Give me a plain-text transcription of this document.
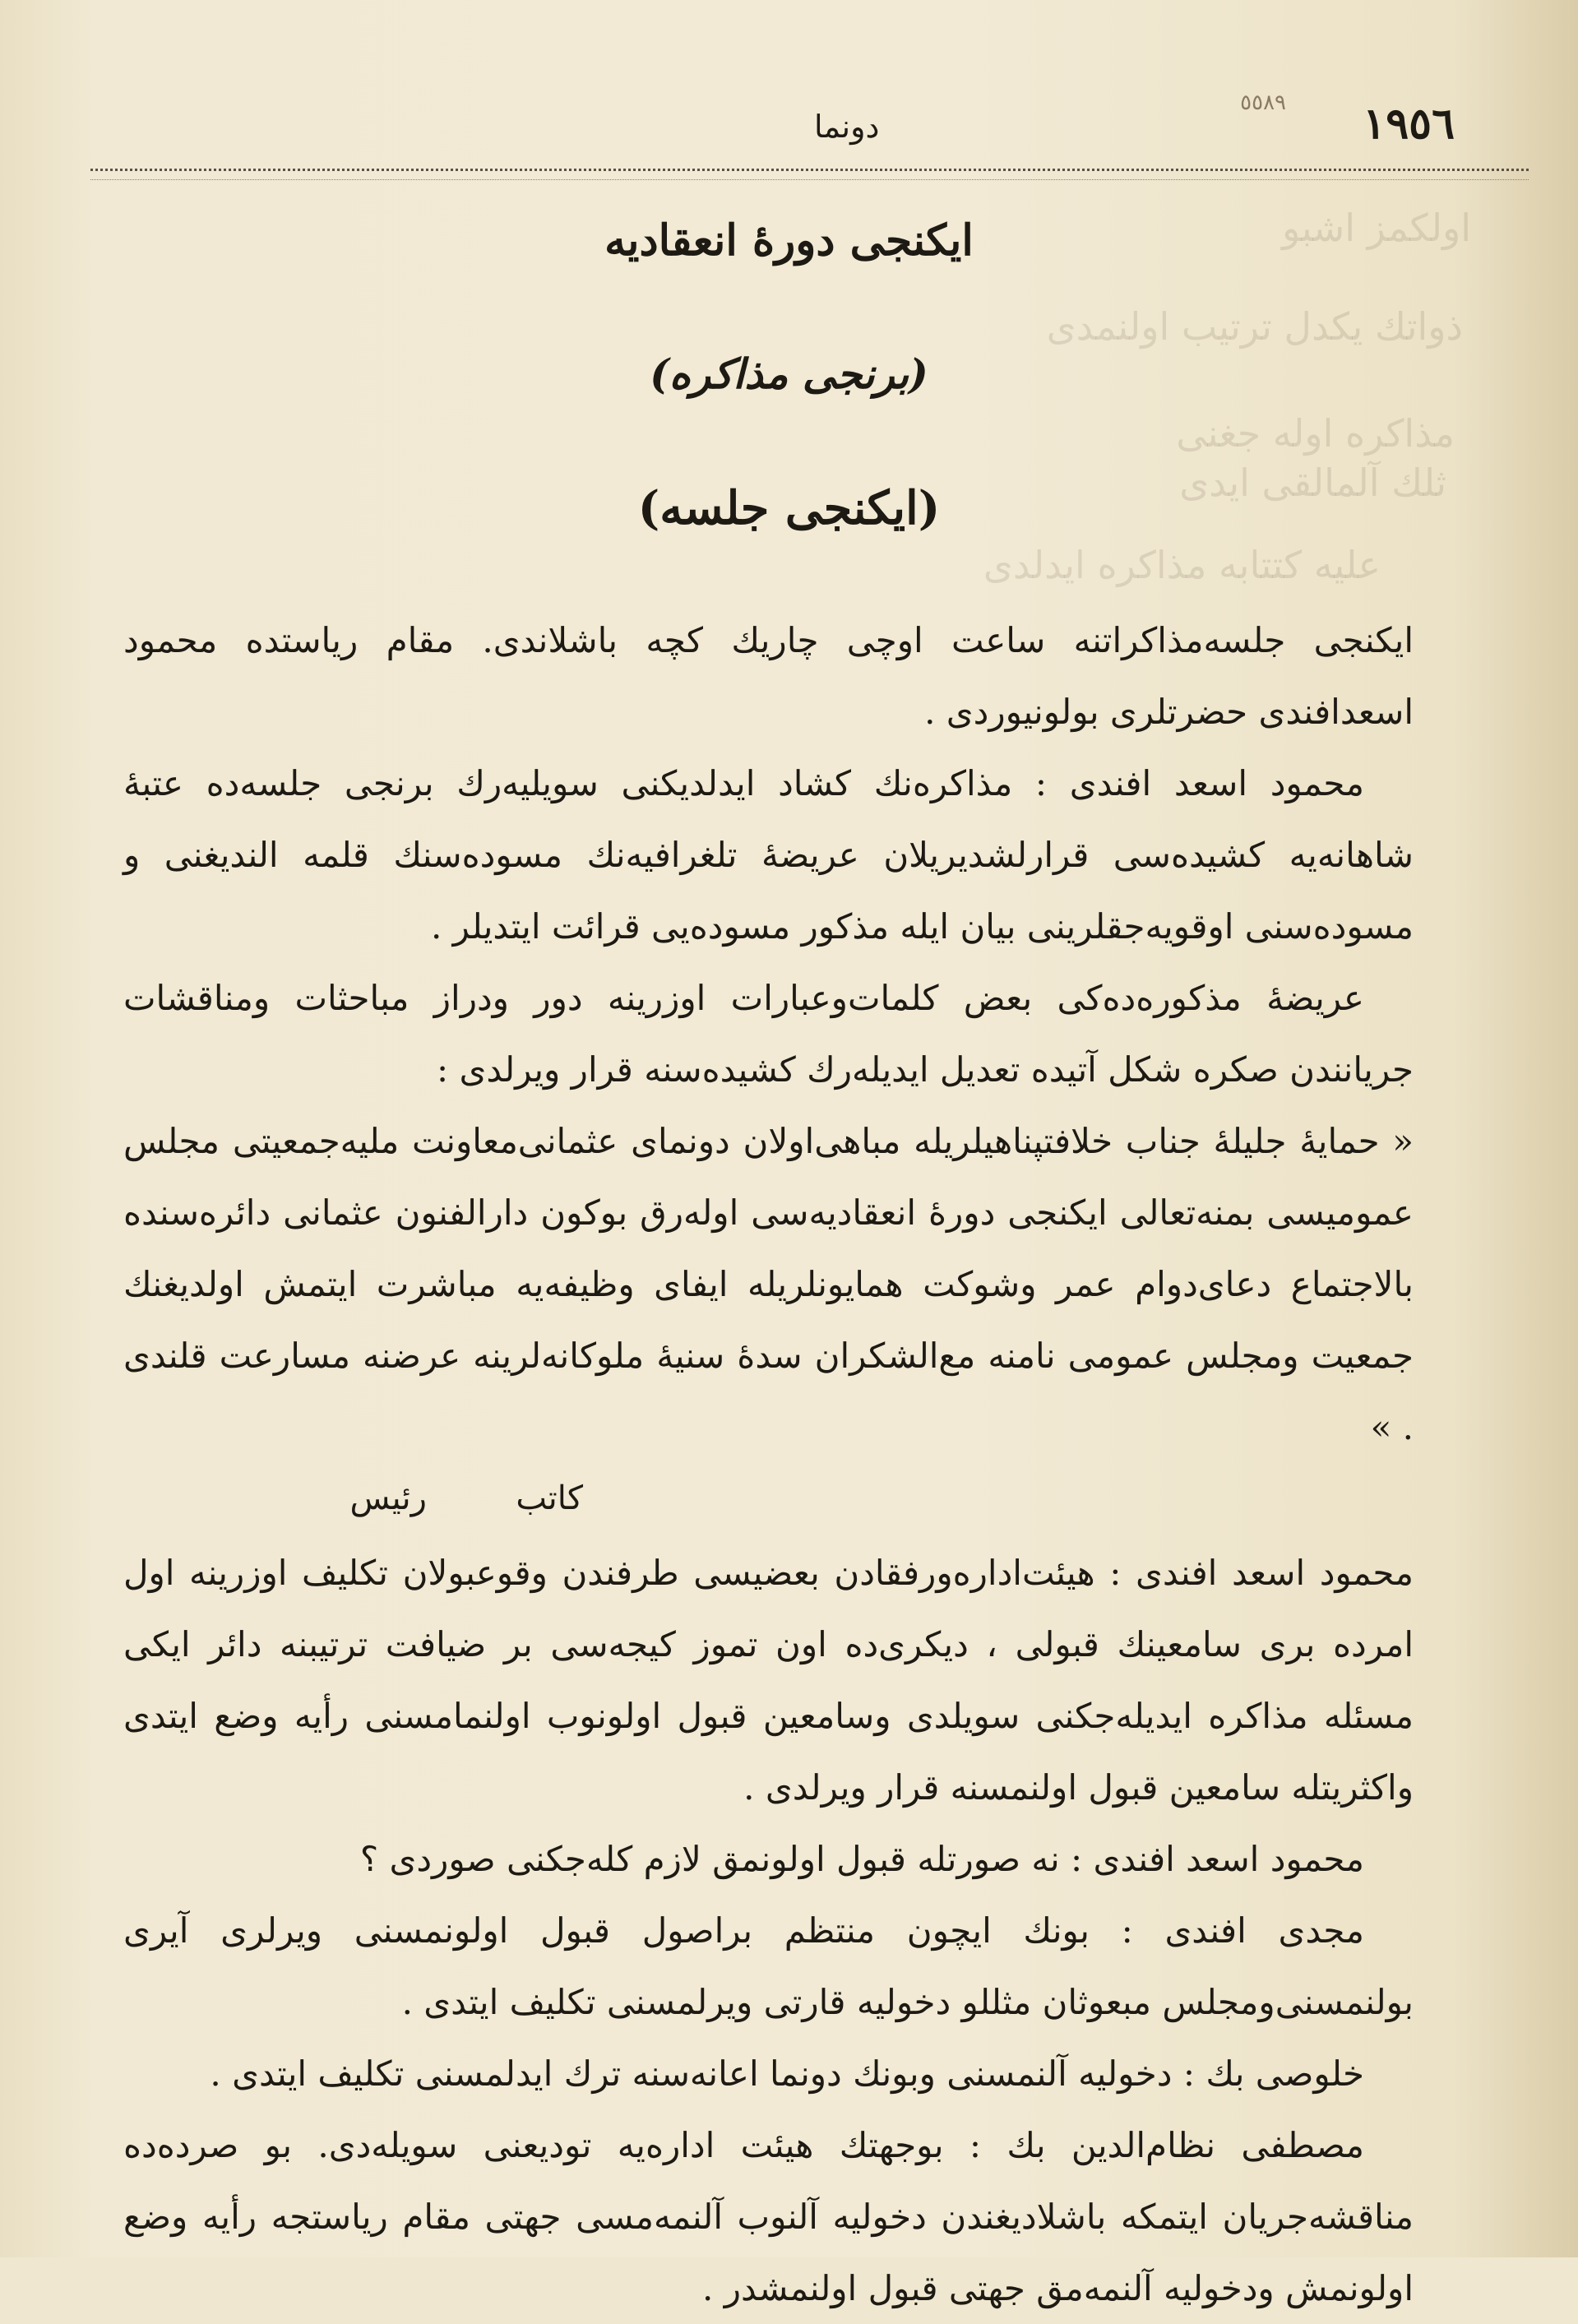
اولكمز اشبو
ذواتك يكدل ترتيب اولنمدى
مذاكره اوله جغنى
ثلك آلمالقى ايدى
عليه كتتابه مذاكره ايدلدى
١٩٥٦
٥٥٨٩
دونما
ايكنجى دورهٔ انعقاديه
(برنجى مذاكره)
(ايكنجى جلسه)

ايكنجى جلسه‌مذاكراتنه ساعت اوچى چاريك كچه باشلاندى. مقام رياستده محمود اسعدافندى حضرتلرى بولونيوردى .

محمود اسعد افندى : مذاكره‌نك كشاد ايدلديكنى سويليه‌رك برنجى جلسه‌ده عتبهٔ شاهانه‌يه كشيده‌سى قرارلشديريلان عريضهٔ تلغرافيه‌نك مسوده‌سنك قلمه الندیغنى و مسوده‌سنى اوقويه‌جقلرينى بيان ايله مذكور مسوده‌يى قرائت ايتديلر .

عريضهٔ مذكوره‌ده‌كى بعض كلمات‌وعبارات اوزرينه دور ودراز مباحثات ومناقشات جريانندن صكره شكل آتيده تعديل ايديله‌رك كشيده‌سنه قرار ويرلدى :

« حمايهٔ جليلهٔ جناب خلافتپناهيلريله مباهى‌اولان دونماى عثمانى‌معاونت مليه‌جمعيتى مجلس عموميسى بمنه‌تعالى ايكنجى دورهٔ انعقاديه‌سى اوله‌رق بوكون دارالفنون عثمانى دائره‌سنده بالاجتماع دعاى‌دوام عمر وشوكت همايونلريله ايفاى وظيفه‌يه مباشرت ايتمش اولديغنك جمعيت ومجلس عمومى نامنه مع‌الشكران سدهٔ سنيهٔ ملوكانه‌لرينه عرضنه مسارعت قلندى . »

كاتب
رئيس

محمود اسعد افندى : هيئت‌اداره‌ورفقادن بعضيسى طرفندن وقوعبولان تكليف اوزرينه اول امرده برى سامعينك قبولى ، ديكرى‌ده اون تموز كيجه‌سى بر ضيافت ترتيبنه دائر ايكى مسئله مذاكره ايديله‌جكنى سويلدى وسامعين قبول اولونوب اولنمامسنى رأيه وضع ايتدى واكثريتله سامعين قبول اولنمسنه قرار ويرلدى .

محمود اسعد افندى : نه صورتله قبول اولونمق لازم كله‌جكنى صوردى ؟

مجدى افندى : بونك ايچون منتظم براصول قبول اولونمسنى ويرلرى آيرى بولنمسنى‌ومجلس مبعوثان مثللو دخوليه قارتى ويرلمسنى تكليف ايتدى .

خلوصى بك : دخوليه آلنمسنى وبونك دونما اعانه‌سنه ترك ايدلمسنى تكليف ايتدى .

مصطفى نظام‌الدين بك : بوجهتك هيئت اداره‌يه توديعنى سويله‌دى. بو صرده‌ده مناقشه‌جريان ايتمكه باشلاديغندن دخوليه آلنوب آلنمه‌مسى جهتى مقام رياستجه رأيه وضع اولونمش ودخوليه آلنمه‌مق جهتى قبول اولنمشدر .
